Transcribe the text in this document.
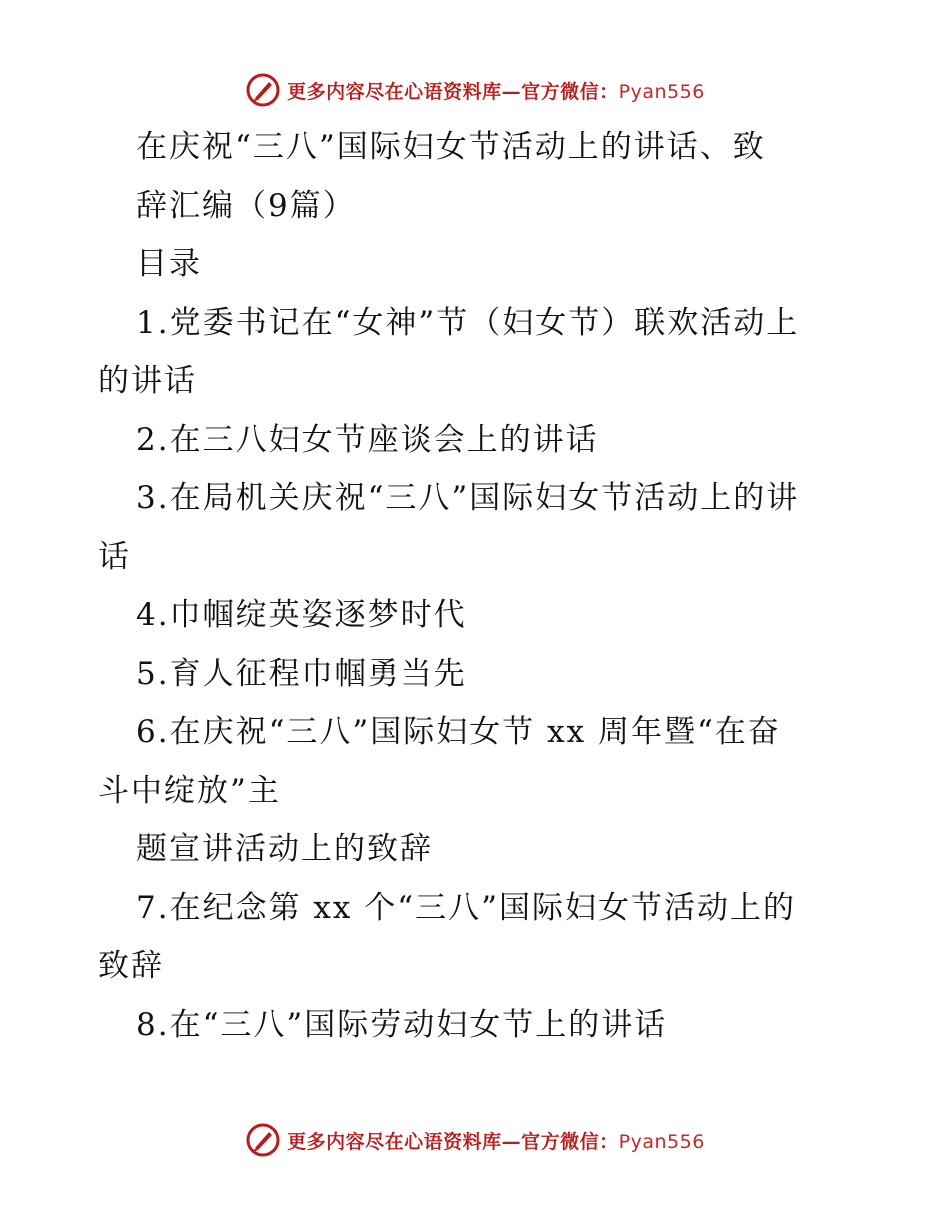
更多内容尽在心语资料库—官方微信：Pyan556
在庆祝“三八”国际妇女节活动上的讲话、致
辞汇编（9篇）
目录
1.党委书记在“女神”节（妇女节）联欢活动上
的讲话
2.在三八妇女节座谈会上的讲话
3.在局机关庆祝“三八”国际妇女节活动上的讲
话
4.巾帼绽英姿逐梦时代
5.育人征程巾帼勇当先
6.在庆祝“三八”国际妇女节 xx 周年暨“在奋
斗中绽放”主
题宣讲活动上的致辞
7.在纪念第 xx 个“三八”国际妇女节活动上的
致辞
8.在“三八”国际劳动妇女节上的讲话
更多内容尽在心语资料库—官方微信：Pyan556
